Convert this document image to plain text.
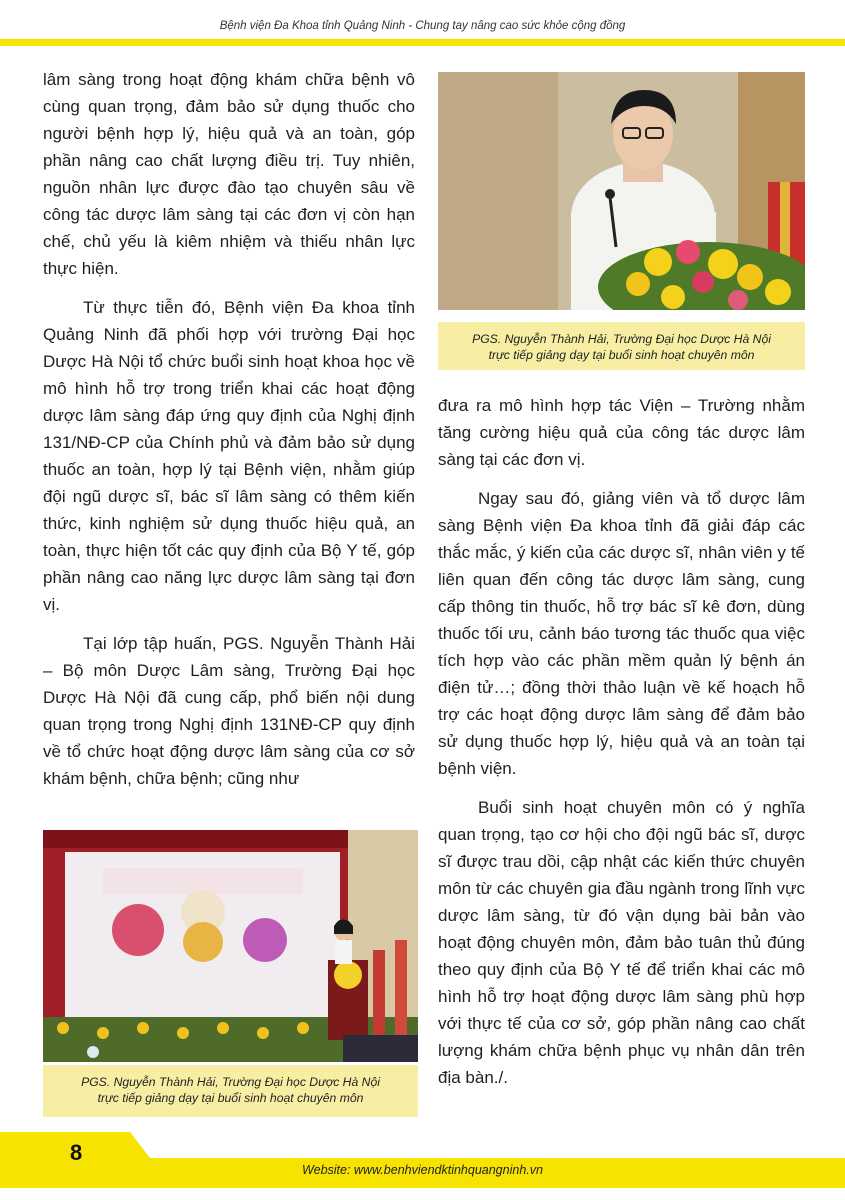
Bệnh viện Đa Khoa tỉnh Quảng Ninh - Chung tay nâng cao sức khỏe cộng đồng

lâm sàng trong hoạt động khám chữa bệnh vô cùng quan trọng, đảm bảo sử dụng thuốc cho người bệnh hợp lý, hiệu quả và an toàn, góp phần nâng cao chất lượng điều trị. Tuy nhiên, nguồn nhân lực được đào tạo chuyên sâu về công tác dược lâm sàng tại các đơn vị còn hạn chế, chủ yếu là kiêm nhiệm và thiếu nhân lực thực hiện.

Từ thực tiễn đó, Bệnh viện Đa khoa tỉnh Quảng Ninh đã phối hợp với trường Đại học Dược Hà Nội tổ chức buổi sinh hoạt khoa học về mô hình hỗ trợ trong triển khai các hoạt động dược lâm sàng đáp ứng quy định của Nghị định 131/NĐ-CP của Chính phủ và đảm bảo sử dụng thuốc an toàn, hợp lý tại Bệnh viện, nhằm giúp đội ngũ dược sĩ, bác sĩ lâm sàng có thêm kiến thức, kinh nghiệm sử dụng thuốc hiệu quả, an toàn, thực hiện tốt các quy định của Bộ Y tế, góp phần nâng cao năng lực dược lâm sàng tại đơn vị.

Tại lớp tập huấn, PGS. Nguyễn Thành Hải – Bộ môn Dược Lâm sàng, Trường Đại học Dược Hà Nội đã cung cấp, phổ biến nội dung quan trọng trong Nghị định 131NĐ-CP quy định về tổ chức hoạt động dược lâm sàng của cơ sở khám bệnh, chữa bệnh; cũng như

PGS. Nguyễn Thành Hải, Trường Đại học Dược Hà Nội
trực tiếp giảng dạy tại buổi sinh hoạt chuyên môn

đưa ra mô hình hợp tác Viện – Trường nhằm tăng cường hiệu quả của công tác dược lâm sàng tại các đơn vị.

Ngay sau đó, giảng viên và tổ dược lâm sàng Bệnh viện Đa khoa tỉnh đã giải đáp các thắc mắc, ý kiến của các dược sĩ, nhân viên y tế liên quan đến công tác dược lâm sàng, cung cấp thông tin thuốc, hỗ trợ bác sĩ kê đơn, dùng thuốc tối ưu, cảnh báo tương tác thuốc qua việc tích hợp vào các phần mềm quản lý bệnh án điện tử…; đồng thời thảo luận về kế hoạch hỗ trợ các hoạt động dược lâm sàng để đảm bảo sử dụng thuốc hợp lý, hiệu quả và an toàn tại bệnh viện.

Buổi sinh hoạt chuyên môn có ý nghĩa quan trọng, tạo cơ hội cho đội ngũ bác sĩ, dược sĩ được trau dồi, cập nhật các kiến thức chuyên môn từ các chuyên gia đầu ngành trong lĩnh vực dược lâm sàng, từ đó vận dụng bài bản vào hoạt động chuyên môn, đảm bảo tuân thủ đúng theo quy định của Bộ Y tế để triển khai các mô hình hỗ trợ hoạt động dược lâm sàng phù hợp với thực tế của cơ sở, góp phần nâng cao chất lượng khám chữa bệnh phục vụ nhân dân trên địa bàn./.

PGS. Nguyễn Thành Hải, Trường Đại học Dược Hà Nội
trực tiếp giảng dạy tại buổi sinh hoạt chuyên môn
8
Website: www.benhviendktinhquangninh.vn
